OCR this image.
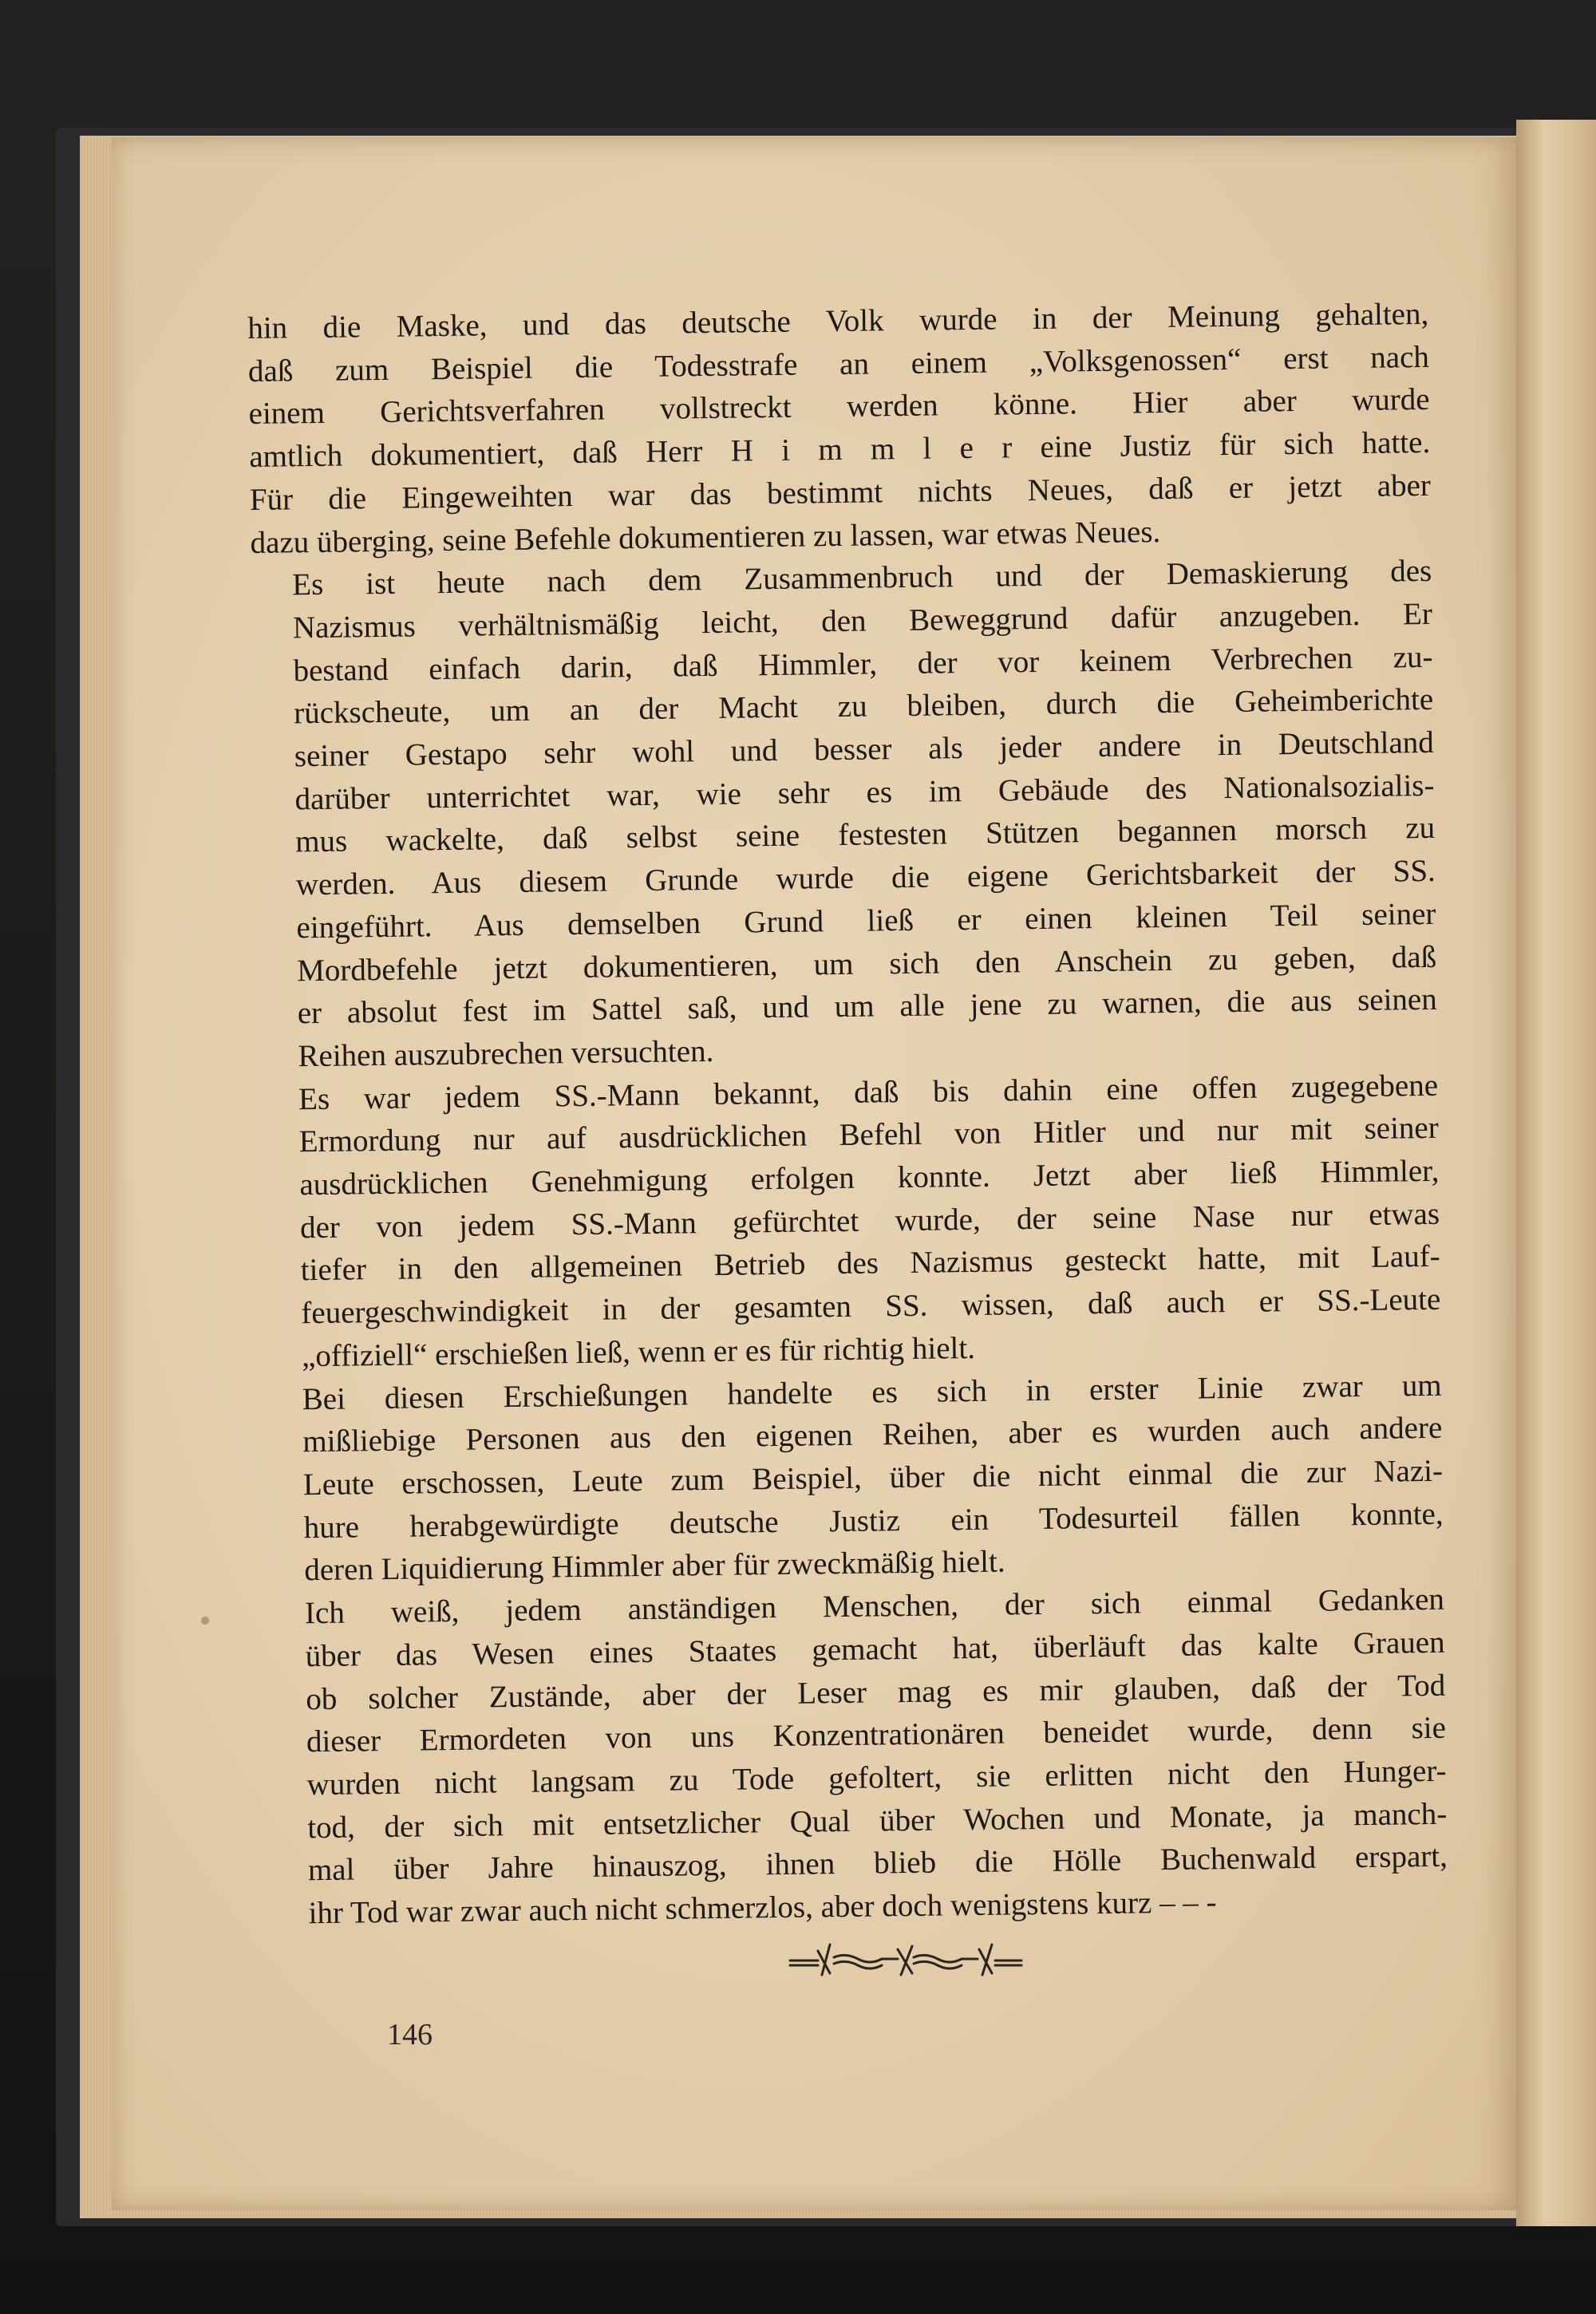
hin die Maske, und das deutsche Volk wurde in der Meinung gehalten,
daß zum Beispiel die Todesstrafe an einem „Volksgenossen“ erst nach
einem Gerichtsverfahren vollstreckt werden könne. Hier aber wurde
amtlich dokumentiert, daß Herr H i m m l e r eine Justiz für sich hatte.
Für die Eingeweihten war das bestimmt nichts Neues, daß er jetzt aber
dazu überging, seine Befehle dokumentieren zu lassen, war etwas Neues.

Es ist heute nach dem Zusammenbruch und der Demaskierung des
Nazismus verhältnismäßig leicht, den Beweggrund dafür anzugeben. Er
bestand einfach darin, daß Himmler, der vor keinem Verbrechen zu-
rückscheute, um an der Macht zu bleiben, durch die Geheimberichte
seiner Gestapo sehr wohl und besser als jeder andere in Deutschland
darüber unterrichtet war, wie sehr es im Gebäude des Nationalsozialis-
mus wackelte, daß selbst seine festesten Stützen begannen morsch zu
werden. Aus diesem Grunde wurde die eigene Gerichtsbarkeit der SS.
eingeführt. Aus demselben Grund ließ er einen kleinen Teil seiner
Mordbefehle jetzt dokumentieren, um sich den Anschein zu geben, daß
er absolut fest im Sattel saß, und um alle jene zu warnen, die aus seinen
Reihen auszubrechen versuchten.

Es war jedem SS.-Mann bekannt, daß bis dahin eine offen zugegebene
Ermordung nur auf ausdrücklichen Befehl von Hitler und nur mit seiner
ausdrücklichen Genehmigung erfolgen konnte. Jetzt aber ließ Himmler,
der von jedem SS.-Mann gefürchtet wurde, der seine Nase nur etwas
tiefer in den allgemeinen Betrieb des Nazismus gesteckt hatte, mit Lauf-
feuergeschwindigkeit in der gesamten SS. wissen, daß auch er SS.-Leute
„offiziell“ erschießen ließ, wenn er es für richtig hielt.

Bei diesen Erschießungen handelte es sich in erster Linie zwar um
mißliebige Personen aus den eigenen Reihen, aber es wurden auch andere
Leute erschossen, Leute zum Beispiel, über die nicht einmal die zur Nazi-
hure herabgewürdigte deutsche Justiz ein Todesurteil fällen konnte,
deren Liquidierung Himmler aber für zweckmäßig hielt.

Ich weiß, jedem anständigen Menschen, der sich einmal Gedanken
über das Wesen eines Staates gemacht hat, überläuft das kalte Grauen
ob solcher Zustände, aber der Leser mag es mir glauben, daß der Tod
dieser Ermordeten von uns Konzentrationären beneidet wurde, denn sie
wurden nicht langsam zu Tode gefoltert, sie erlitten nicht den Hunger-
tod, der sich mit entsetzlicher Qual über Wochen und Monate, ja manch-
mal über Jahre hinauszog, ihnen blieb die Hölle Buchenwald erspart,
ihr Tod war zwar auch nicht schmerzlos, aber doch wenigstens kurz – – -

146
